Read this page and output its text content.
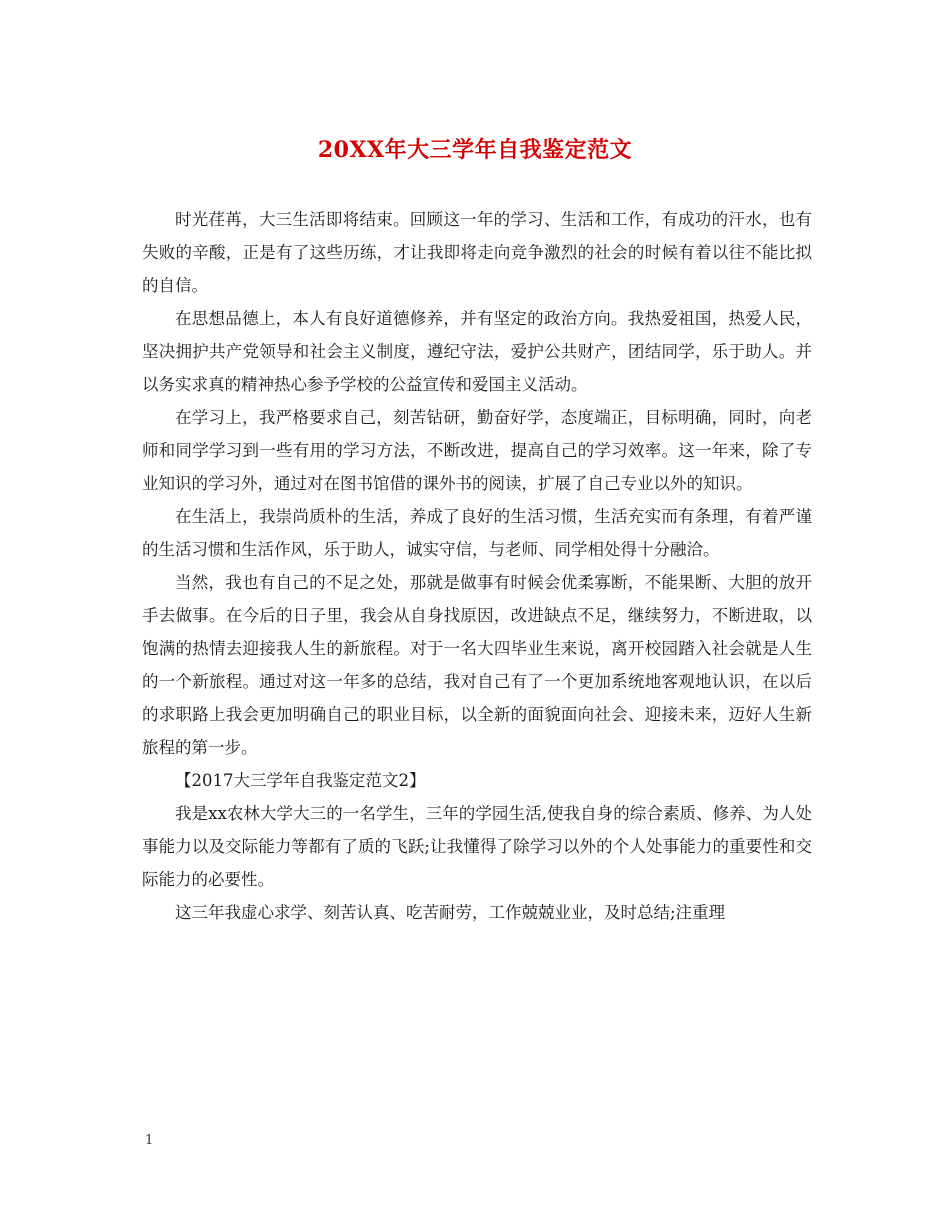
20XX年大三学年自我鉴定范文

时光荏苒，大三生活即将结束。回顾这一年的学习、生活和工作，有成功的汗水，也有失败的辛酸，正是有了这些历练，才让我即将走向竞争激烈的社会的时候有着以往不能比拟的自信。

在思想品德上，本人有良好道德修养，并有坚定的政治方向。我热爱祖国，热爱人民，坚决拥护共产党领导和社会主义制度，遵纪守法，爱护公共财产，团结同学，乐于助人。并以务实求真的精神热心参予学校的公益宣传和爱国主义活动。

在学习上，我严格要求自己，刻苦钻研，勤奋好学，态度端正，目标明确，同时，向老师和同学学习到一些有用的学习方法，不断改进，提高自己的学习效率。这一年来，除了专业知识的学习外，通过对在图书馆借的课外书的阅读，扩展了自己专业以外的知识。

在生活上，我崇尚质朴的生活，养成了良好的生活习惯，生活充实而有条理，有着严谨的生活习惯和生活作风，乐于助人，诚实守信，与老师、同学相处得十分融洽。

当然，我也有自己的不足之处，那就是做事有时候会优柔寡断，不能果断、大胆的放开手去做事。在今后的日子里，我会从自身找原因，改进缺点不足，继续努力，不断进取，以饱满的热情去迎接我人生的新旅程。对于一名大四毕业生来说，离开校园踏入社会就是人生的一个新旅程。通过对这一年多的总结，我对自己有了一个更加系统地客观地认识，在以后的求职路上我会更加明确自己的职业目标，以全新的面貌面向社会、迎接未来，迈好人生新旅程的第一步。

【2017大三学年自我鉴定范文2】

我是xx农林大学大三的一名学生，三年的学园生活,使我自身的综合素质、修养、为人处事能力以及交际能力等都有了质的飞跃;让我懂得了除学习以外的个人处事能力的重要性和交际能力的必要性。

这三年我虚心求学、刻苦认真、吃苦耐劳，工作兢兢业业，及时总结;注重理

1
